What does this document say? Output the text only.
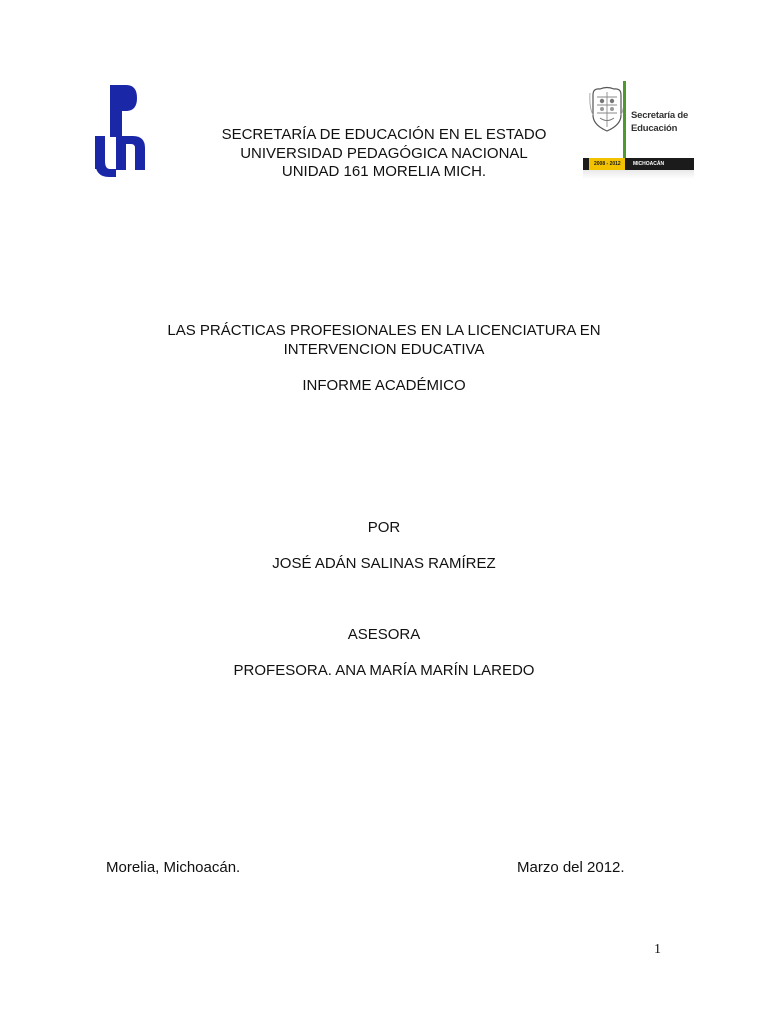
Secretaría de
Educación
2008 - 2012 MICHOACÁN
SECRETARÍA DE EDUCACIÓN EN EL ESTADO
UNIVERSIDAD PEDAGÓGICA NACIONAL
UNIDAD 161 MORELIA MICH.
LAS PRÁCTICAS PROFESIONALES EN LA LICENCIATURA EN
INTERVENCION EDUCATIVA
INFORME ACADÉMICO
POR
JOSÉ ADÁN SALINAS RAMÍREZ
ASESORA
PROFESORA. ANA MARÍA MARÍN LAREDO
Morelia, Michoacán.	Marzo del 2012.
1
